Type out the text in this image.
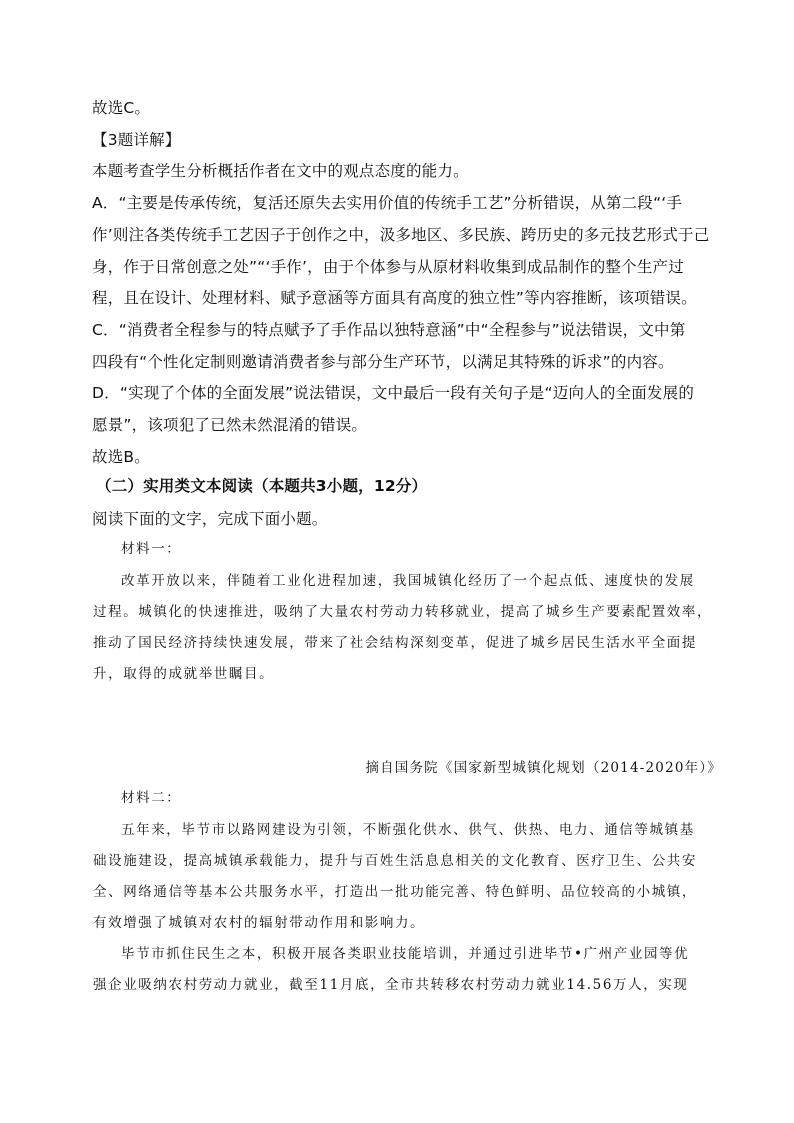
故选C。
【3题详解】
本题考查学生分析概括作者在文中的观点态度的能力。
A．“主要是传承传统，复活还原失去实用价值的传统手工艺”分析错误，从第二段“‘手
作’则注各类传统手工艺因子于创作之中，汲多地区、多民族、跨历史的多元技艺形式于己
身，作于日常创意之处”“‘手作’，由于个体参与从原材料收集到成品制作的整个生产过
程，且在设计、处理材料、赋予意涵等方面具有高度的独立性”等内容推断，该项错误。
C．“消费者全程参与的特点赋予了手作品以独特意涵”中“全程参与”说法错误，文中第
四段有“个性化定制则邀请消费者参与部分生产环节，以满足其特殊的诉求”的内容。
D．“实现了个体的全面发展”说法错误，文中最后一段有关句子是“迈向人的全面发展的
愿景”，该项犯了已然未然混淆的错误。
故选B。
（二）实用类文本阅读（本题共3小题，12分）
阅读下面的文字，完成下面小题。
材料一：
改革开放以来，伴随着工业化进程加速，我国城镇化经历了一个起点低、速度快的发展
过程。城镇化的快速推进，吸纳了大量农村劳动力转移就业，提高了城乡生产要素配置效率，
推动了国民经济持续快速发展，带来了社会结构深刻变革，促进了城乡居民生活水平全面提
升，取得的成就举世瞩目。
摘自国务院《国家新型城镇化规划（2014-2020年）》
材料二：
五年来，毕节市以路网建设为引领，不断强化供水、供气、供热、电力、通信等城镇基
础设施建设，提高城镇承载能力，提升与百姓生活息息相关的文化教育、医疗卫生、公共安
全、网络通信等基本公共服务水平，打造出一批功能完善、特色鲜明、品位较高的小城镇，
有效增强了城镇对农村的辐射带动作用和影响力。
毕节市抓住民生之本，积极开展各类职业技能培训，并通过引进毕节•广州产业园等优
强企业吸纳农村劳动力就业，截至11月底，全市共转移农村劳动力就业14.56万人，实现
